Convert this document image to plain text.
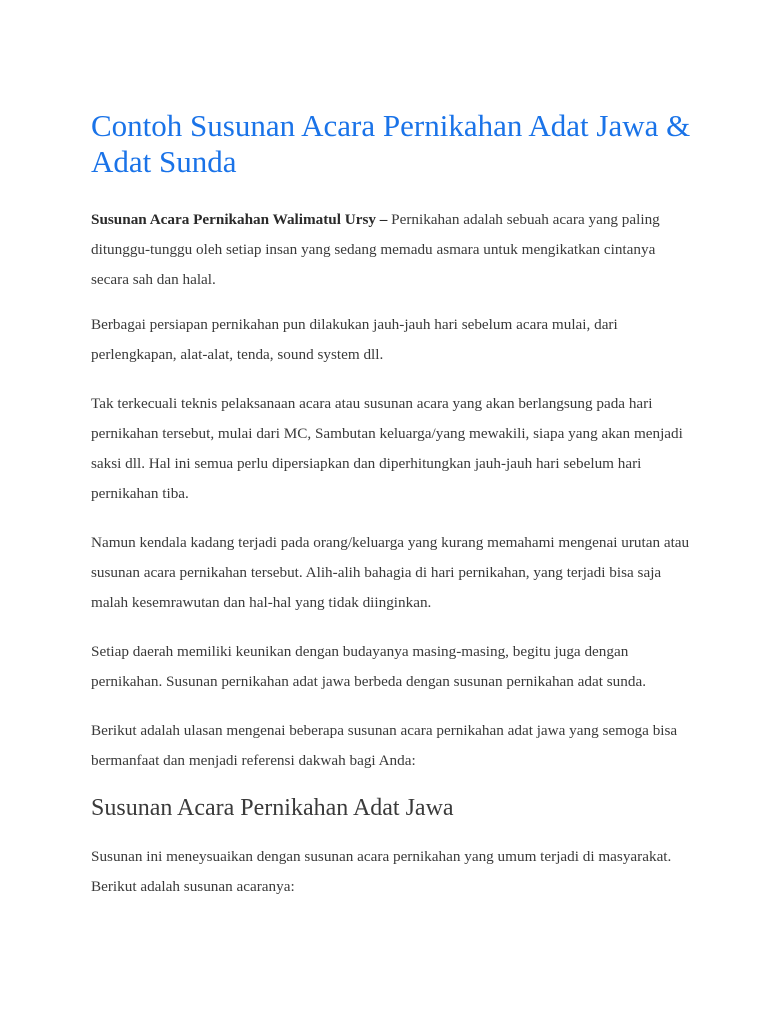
Contoh Susunan Acara Pernikahan Adat Jawa & Adat Sunda

Susunan Acara Pernikahan Walimatul Ursy – Pernikahan adalah sebuah acara yang paling ditunggu-tunggu oleh setiap insan yang sedang memadu asmara untuk mengikatkan cintanya secara sah dan halal.

Berbagai persiapan pernikahan pun dilakukan jauh-jauh hari sebelum acara mulai, dari perlengkapan, alat-alat, tenda, sound system dll.

Tak terkecuali teknis pelaksanaan acara atau susunan acara yang akan berlangsung pada hari pernikahan tersebut, mulai dari MC, Sambutan keluarga/yang mewakili, siapa yang akan menjadi saksi dll. Hal ini semua perlu dipersiapkan dan diperhitungkan jauh-jauh hari sebelum hari pernikahan tiba.

Namun kendala kadang terjadi pada orang/keluarga yang kurang memahami mengenai urutan atau susunan acara pernikahan tersebut. Alih-alih bahagia di hari pernikahan, yang terjadi bisa saja malah kesemrawutan dan hal-hal yang tidak diinginkan.

Setiap daerah memiliki keunikan dengan budayanya masing-masing, begitu juga dengan pernikahan. Susunan pernikahan adat jawa berbeda dengan susunan pernikahan adat sunda.

Berikut adalah ulasan mengenai beberapa susunan acara pernikahan adat jawa yang semoga bisa bermanfaat dan menjadi referensi dakwah bagi Anda:

Susunan Acara Pernikahan Adat Jawa

Susunan ini meneysuaikan dengan susunan acara pernikahan yang umum terjadi di masyarakat. Berikut adalah susunan acaranya:
